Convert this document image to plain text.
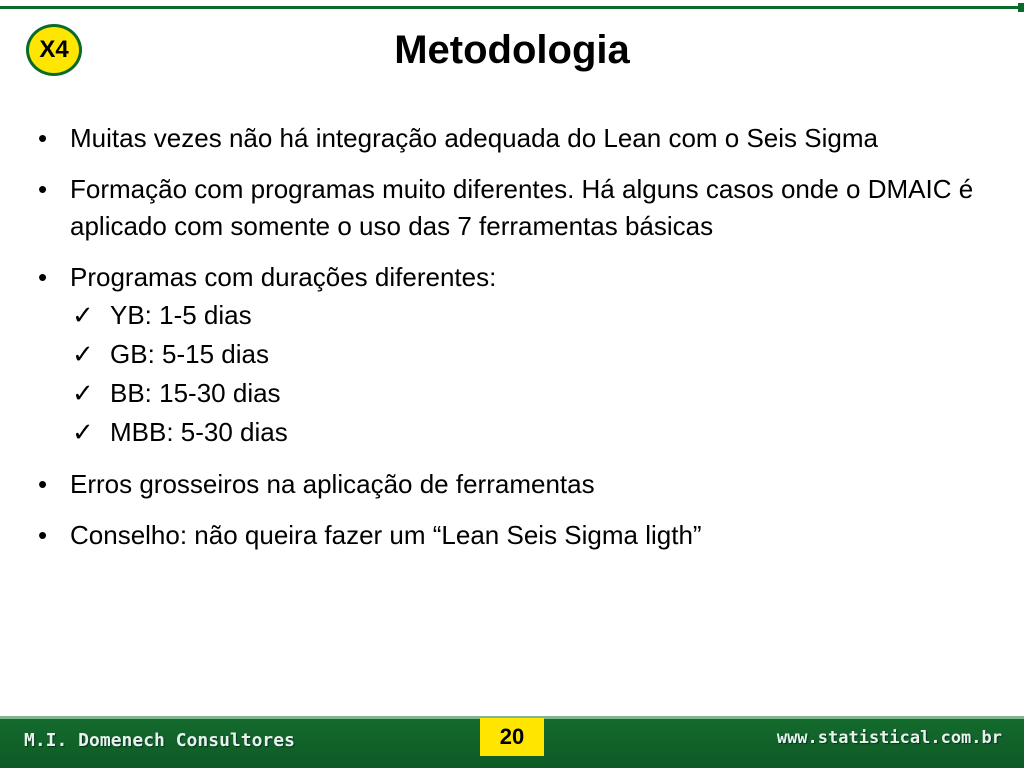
X4	Metodologia
• Muitas vezes não há integração adequada do Lean com o Seis Sigma
• Formação com programas muito diferentes. Há alguns casos onde o DMAIC é aplicado com somente o uso das 7 ferramentas básicas
• Programas com durações diferentes:
✓ YB: 1-5 dias
✓ GB: 5-15 dias
✓ BB: 15-30 dias
✓ MBB: 5-30 dias
• Erros grosseiros na aplicação de ferramentas
• Conselho: não queira fazer um “Lean Seis Sigma ligth”
M.I. Domenech Consultores	www.statistical.com.br
20
